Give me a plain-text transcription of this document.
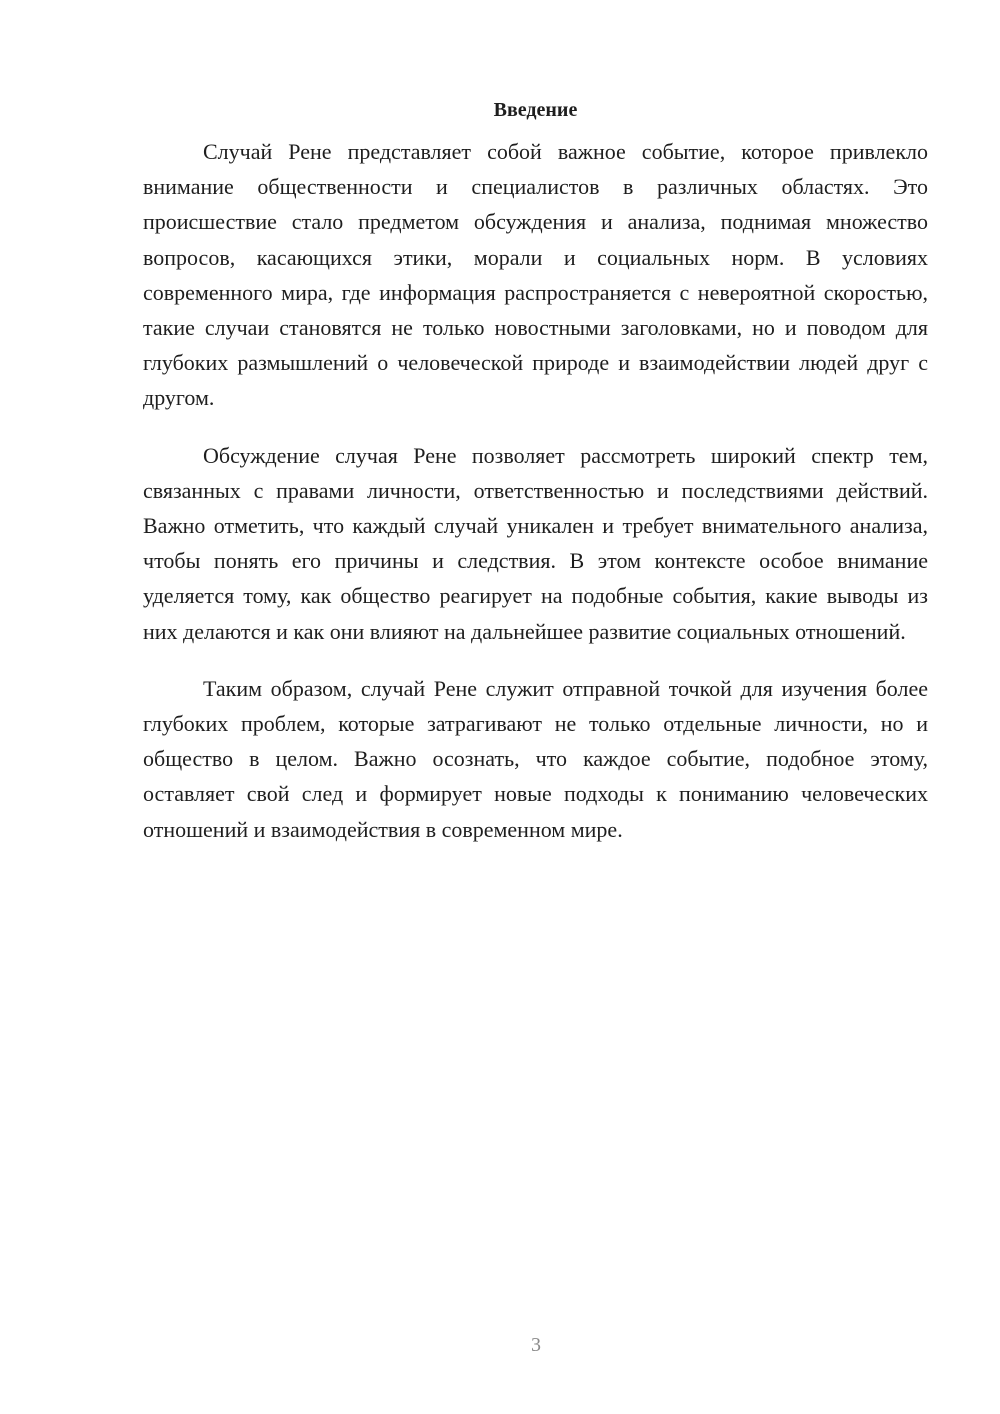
Введение

Случай Рене представляет собой важное событие, которое привлекло внимание общественности и специалистов в различных областях. Это происшествие стало предметом обсуждения и анализа, поднимая множество вопросов, касающихся этики, морали и социальных норм. В условиях современного мира, где информация распространяется с невероятной скоростью, такие случаи становятся не только новостными заголовками, но и поводом для глубоких размышлений о человеческой природе и взаимодействии людей друг с другом.

Обсуждение случая Рене позволяет рассмотреть широкий спектр тем, связанных с правами личности, ответственностью и последствиями действий. Важно отметить, что каждый случай уникален и требует внимательного анализа, чтобы понять его причины и следствия. В этом контексте особое внимание уделяется тому, как общество реагирует на подобные события, какие выводы из них делаются и как они влияют на дальнейшее развитие социальных отношений.

Таким образом, случай Рене служит отправной точкой для изучения более глубоких проблем, которые затрагивают не только отдельные личности, но и общество в целом. Важно осознать, что каждое событие, подобное этому, оставляет свой след и формирует новые подходы к пониманию человеческих отношений и взаимодействия в современном мире.

3
